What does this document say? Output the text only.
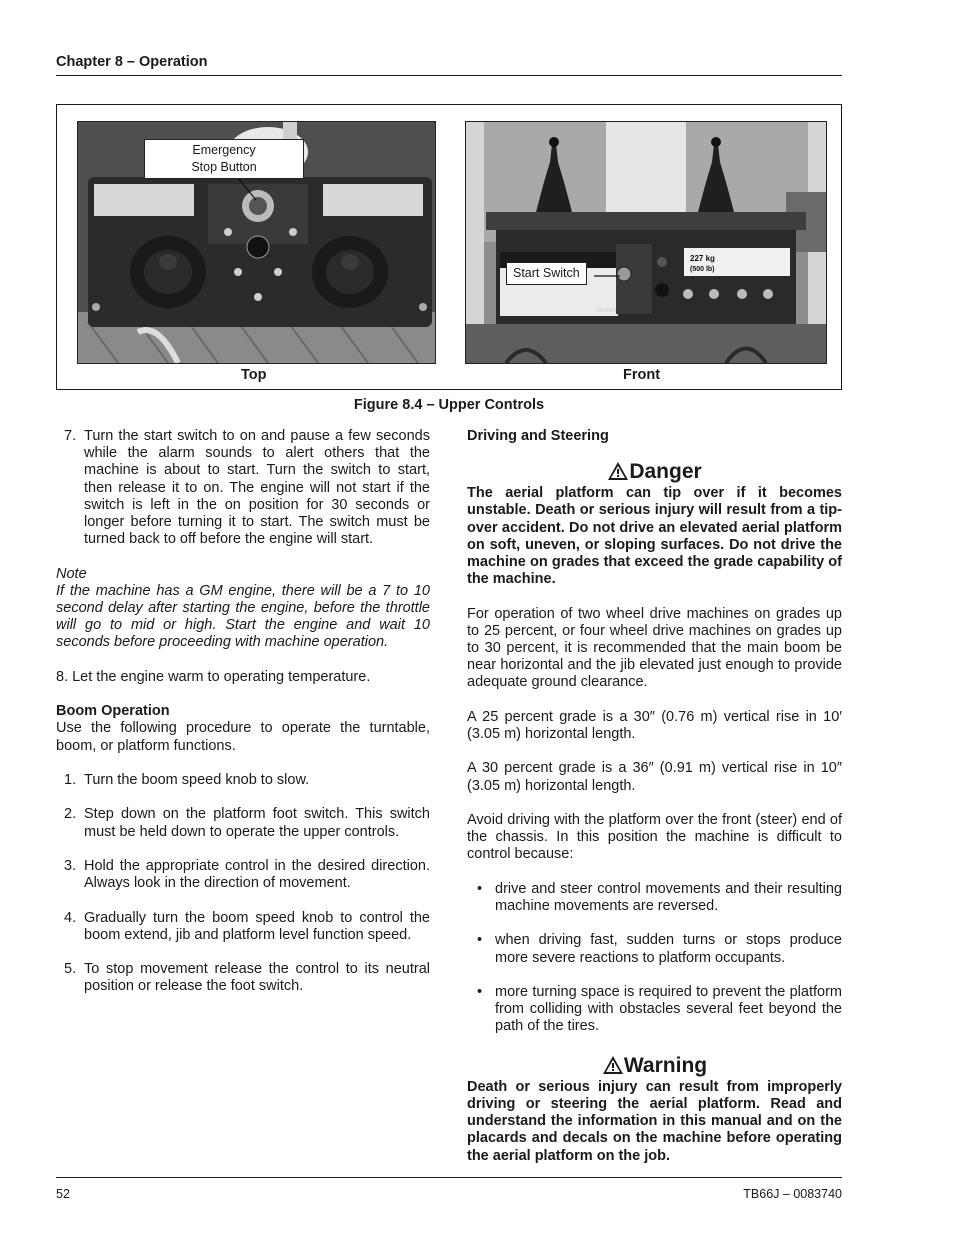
Chapter 8 – Operation
Emergency
Stop Button
Top
227 kg
(500 lb)
Snorkel
Start Switch
Front
Figure 8.4 – Upper Controls
7. Turn the start switch to on and pause a few seconds while the alarm sounds to alert others that the machine is about to start. Turn the switch to start, then release it to on. The engine will not start if the switch is left in the on position for 30 seconds or longer before turning it to start. The switch must be turned back to off before the engine will start.
Note
If the machine has a GM engine, there will be a 7 to 10 second delay after starting the engine, before the throttle will go to mid or high. Start the engine and wait 10 seconds before proceeding with machine operation.
8. Let the engine warm to operating temperature.
Boom Operation
Use the following procedure to operate the turntable, boom, or platform functions.
1. Turn the boom speed knob to slow.
2. Step down on the platform foot switch. This switch must be held down to operate the upper controls.
3. Hold the appropriate control in the desired direction. Always look in the direction of movement.
4. Gradually turn the boom speed knob to control the boom extend, jib and platform level function speed.
5. To stop movement release the control to its neutral position or release the foot switch.
Driving and Steering
Danger
The aerial platform can tip over if it becomes unstable. Death or serious injury will result from a tip-over accident. Do not drive an elevated aerial platform on soft, uneven, or sloping surfaces. Do not drive the machine on grades that exceed the grade capability of the machine.
For operation of two wheel drive machines on grades up to 25 percent, or four wheel drive machines on grades up to 30 percent, it is recommended that the main boom be near horizontal and the jib elevated just enough to provide adequate ground clearance.
A 25 percent grade is a 30″ (0.76 m) vertical rise in 10′ (3.05 m) horizontal length.
A 30 percent grade is a 36″ (0.91 m) vertical rise in 10″ (3.05 m) horizontal length.
Avoid driving with the platform over the front (steer) end of the chassis. In this position the machine is difficult to control because:
• drive and steer control movements and their resulting machine movements are reversed.
• when driving fast, sudden turns or stops produce more severe reactions to platform occupants.
• more turning space is required to prevent the platform from colliding with obstacles several feet beyond the path of the tires.
Warning
Death or serious injury can result from improperly driving or steering the aerial platform. Read and understand the information in this manual and on the placards and decals on the machine before operating the aerial platform on the job.
52	TB66J – 0083740
